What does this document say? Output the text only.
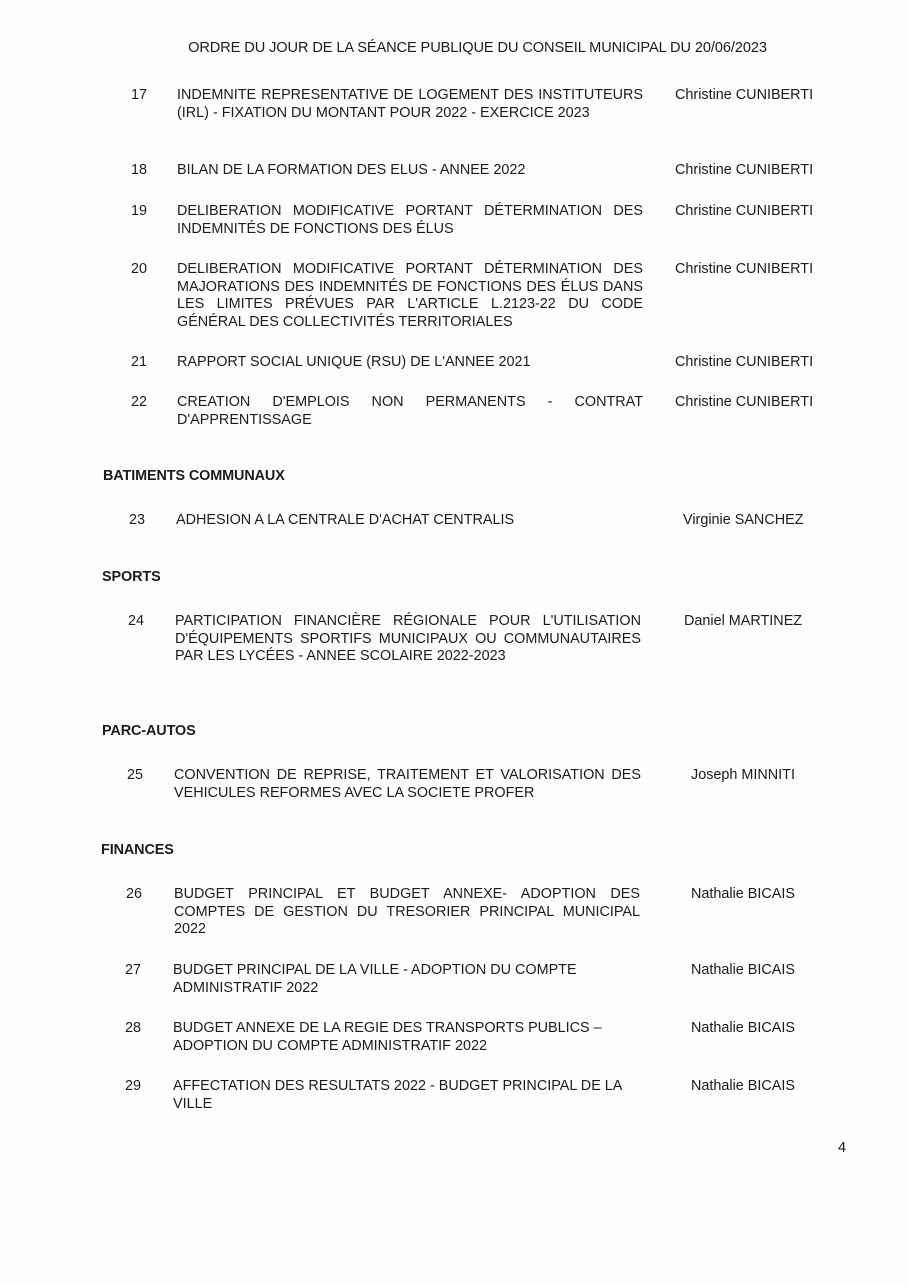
ORDRE DU JOUR DE LA SÉANCE PUBLIQUE DU CONSEIL MUNICIPAL DU 20/06/2023
17 INDEMNITE REPRESENTATIVE DE LOGEMENT DES INSTITUTEURS (IRL) - FIXATION DU MONTANT POUR 2022 - EXERCICE 2023
Christine CUNIBERTI
18 BILAN DE LA FORMATION DES ELUS - ANNEE 2022	Christine CUNIBERTI
19 DELIBERATION MODIFICATIVE PORTANT DÉTERMINATION DES INDEMNITÉS DE FONCTIONS DES ÉLUS
Christine CUNIBERTI
20 DELIBERATION MODIFICATIVE PORTANT DÉTERMINATION DES MAJORATIONS DES INDEMNITÉS DE FONCTIONS DES ÉLUS DANS LES LIMITES PRÉVUES PAR L'ARTICLE L.2123-22 DU CODE GÉNÉRAL DES COLLECTIVITÉS TERRITORIALES
Christine CUNIBERTI
21 RAPPORT SOCIAL UNIQUE (RSU) DE L'ANNEE 2021	Christine CUNIBERTI
22 CREATION D'EMPLOIS NON PERMANENTS - CONTRAT D'APPRENTISSAGE
Christine CUNIBERTI
BATIMENTS COMMUNAUX
23 ADHESION A LA CENTRALE D'ACHAT CENTRALIS	Virginie SANCHEZ
SPORTS
24 PARTICIPATION FINANCIÈRE RÉGIONALE POUR L'UTILISATION D'ÉQUIPEMENTS SPORTIFS MUNICIPAUX OU COMMUNAUTAIRES PAR LES LYCÉES - ANNEE SCOLAIRE 2022-2023
Daniel MARTINEZ
PARC-AUTOS
25 CONVENTION DE REPRISE, TRAITEMENT ET VALORISATION DES VEHICULES REFORMES AVEC LA SOCIETE PROFER
Joseph MINNITI
FINANCES
26 BUDGET PRINCIPAL ET BUDGET ANNEXE- ADOPTION DES COMPTES DE GESTION DU TRESORIER PRINCIPAL MUNICIPAL 2022
Nathalie BICAIS
27 BUDGET PRINCIPAL DE LA VILLE - ADOPTION DU COMPTE ADMINISTRATIF 2022
Nathalie BICAIS
28 BUDGET ANNEXE DE LA REGIE DES TRANSPORTS PUBLICS – ADOPTION DU COMPTE ADMINISTRATIF 2022
Nathalie BICAIS
29 AFFECTATION DES RESULTATS 2022 - BUDGET PRINCIPAL DE LA VILLE
Nathalie BICAIS
4
